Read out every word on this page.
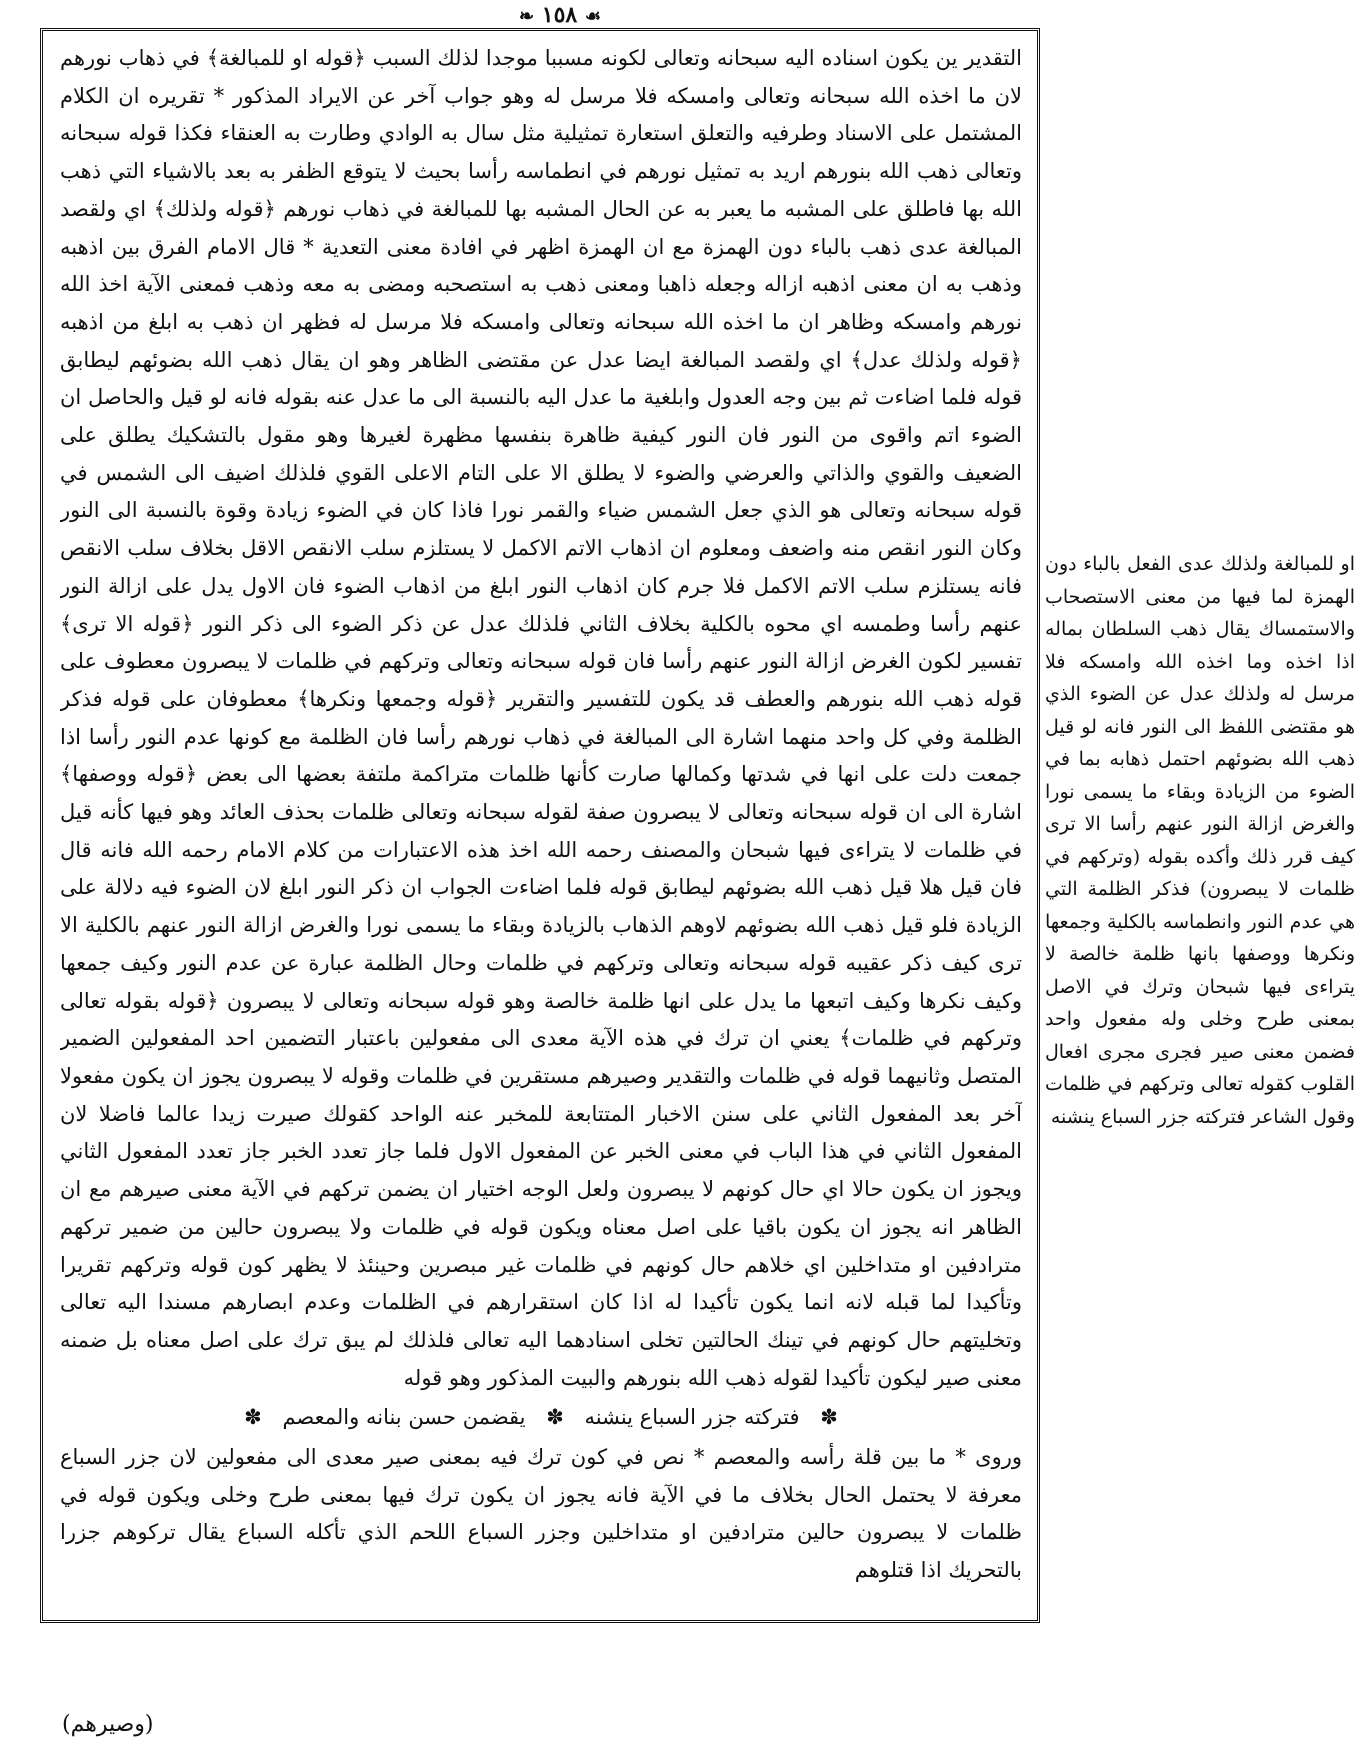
❧ ١٥٨ ☙

التقدير ين يكون اسناده اليه سبحانه وتعالى لكونه مسببا موجدا لذلك السبب ﴿قوله او للمبالغة﴾ في ذهاب نورهم لان ما اخذه الله سبحانه وتعالى وامسكه فلا مرسل له وهو جواب آخر عن الايراد المذكور * تقريره ان الكلام المشتمل على الاسناد وطرفيه والتعلق استعارة تمثيلية مثل سال به الوادي وطارت به العنقاء فكذا قوله سبحانه وتعالى ذهب الله بنورهم اريد به تمثيل نورهم في انطماسه رأسا بحيث لا يتوقع الظفر به بعد بالاشياء التي ذهب الله بها فاطلق على المشبه ما يعبر به عن الحال المشبه بها للمبالغة في ذهاب نورهم ﴿قوله ولذلك﴾ اي ولقصد المبالغة عدى ذهب بالباء دون الهمزة مع ان الهمزة اظهر في افادة معنى التعدية * قال الامام الفرق بين اذهبه وذهب به ان معنى اذهبه ازاله وجعله ذاهبا ومعنى ذهب به استصحبه ومضى به معه وذهب فمعنى الآية اخذ الله نورهم وامسكه وظاهر ان ما اخذه الله سبحانه وتعالى وامسكه فلا مرسل له فظهر ان ذهب به ابلغ من اذهبه ﴿قوله ولذلك عدل﴾ اي ولقصد المبالغة ايضا عدل عن مقتضى الظاهر وهو ان يقال ذهب الله بضوئهم ليطابق قوله فلما اضاءت ثم بين وجه العدول وابلغية ما عدل اليه بالنسبة الى ما عدل عنه بقوله فانه لو قيل والحاصل ان الضوء اتم واقوى من النور فان النور كيفية ظاهرة بنفسها مظهرة لغيرها وهو مقول بالتشكيك يطلق على الضعيف والقوي والذاتي والعرضي والضوء لا يطلق الا على التام الاعلى القوي فلذلك اضيف الى الشمس في قوله سبحانه وتعالى هو الذي جعل الشمس ضياء والقمر نورا فاذا كان في الضوء زيادة وقوة بالنسبة الى النور وكان النور انقص منه واضعف ومعلوم ان اذهاب الاتم الاكمل لا يستلزم سلب الانقص الاقل بخلاف سلب الانقص فانه يستلزم سلب الاتم الاكمل فلا جرم كان اذهاب النور ابلغ من اذهاب الضوء فان الاول يدل على ازالة النور عنهم رأسا وطمسه اي محوه بالكلية بخلاف الثاني فلذلك عدل عن ذكر الضوء الى ذكر النور ﴿قوله الا ترى﴾ تفسير لكون الغرض ازالة النور عنهم رأسا فان قوله سبحانه وتعالى وتركهم في ظلمات لا يبصرون معطوف على قوله ذهب الله بنورهم والعطف قد يكون للتفسير والتقرير ﴿قوله وجمعها ونكرها﴾ معطوفان على قوله فذكر الظلمة وفي كل واحد منهما اشارة الى المبالغة في ذهاب نورهم رأسا فان الظلمة مع كونها عدم النور رأسا اذا جمعت دلت على انها في شدتها وكمالها صارت كأنها ظلمات متراكمة ملتفة بعضها الى بعض ﴿قوله ووصفها﴾ اشارة الى ان قوله سبحانه وتعالى لا يبصرون صفة لقوله سبحانه وتعالى ظلمات بحذف العائد وهو فيها كأنه قيل في ظلمات لا يتراءى فيها شبحان والمصنف رحمه الله اخذ هذه الاعتبارات من كلام الامام رحمه الله فانه قال فان قيل هلا قيل ذهب الله بضوئهم ليطابق قوله فلما اضاءت الجواب ان ذكر النور ابلغ لان الضوء فيه دلالة على الزيادة فلو قيل ذهب الله بضوئهم لاوهم الذهاب بالزيادة وبقاء ما يسمى نورا والغرض ازالة النور عنهم بالكلية الا ترى كيف ذكر عقيبه قوله سبحانه وتعالى وتركهم في ظلمات وحال الظلمة عبارة عن عدم النور وكيف جمعها وكيف نكرها وكيف اتبعها ما يدل على انها ظلمة خالصة وهو قوله سبحانه وتعالى لا يبصرون ﴿قوله بقوله تعالى وتركهم في ظلمات﴾ يعني ان ترك في هذه الآية معدى الى مفعولين باعتبار التضمين احد المفعولين الضمير المتصل وثانيهما قوله في ظلمات والتقدير وصيرهم مستقرين في ظلمات وقوله لا يبصرون يجوز ان يكون مفعولا آخر بعد المفعول الثاني على سنن الاخبار المتتابعة للمخبر عنه الواحد كقولك صيرت زيدا عالما فاضلا لان المفعول الثاني في هذا الباب في معنى الخبر عن المفعول الاول فلما جاز تعدد الخبر جاز تعدد المفعول الثاني ويجوز ان يكون حالا اي حال كونهم لا يبصرون ولعل الوجه اختيار ان يضمن تركهم في الآية معنى صيرهم مع ان الظاهر انه يجوز ان يكون باقيا على اصل معناه ويكون قوله في ظلمات ولا يبصرون حالين من ضمير تركهم مترادفين او متداخلين اي خلاهم حال كونهم في ظلمات غير مبصرين وحينئذ لا يظهر كون قوله وتركهم تقريرا وتأكيدا لما قبله لانه انما يكون تأكيدا له اذا كان استقرارهم في الظلمات وعدم ابصارهم مسندا اليه تعالى وتخليتهم حال كونهم في تينك الحالتين تخلى اسنادهما اليه تعالى فلذلك لم يبق ترك على اصل معناه بل ضمنه معنى صير ليكون تأكيدا لقوله ذهب الله بنورهم والبيت المذكور وهو قوله

✽ فتركته جزر السباع ينشنه ✽ يقضمن حسن بنانه والمعصم ✽

وروى * ما بين قلة رأسه والمعصم * نص في كون ترك فيه بمعنى صير معدى الى مفعولين لان جزر السباع معرفة لا يحتمل الحال بخلاف ما في الآية فانه يجوز ان يكون ترك فيها بمعنى طرح وخلى ويكون قوله في ظلمات لا يبصرون حالين مترادفين او متداخلين وجزر السباع اللحم الذي تأكله السباع يقال تركوهم جزرا بالتحريك اذا قتلوهم

او للمبالغة ولذلك عدى الفعل بالباء دون الهمزة لما فيها من معنى الاستصحاب والاستمساك يقال ذهب السلطان بماله اذا اخذه وما اخذه الله وامسكه فلا مرسل له ولذلك عدل عن الضوء الذي هو مقتضى اللفظ الى النور فانه لو قيل ذهب الله بضوئهم احتمل ذهابه بما في الضوء من الزيادة وبقاء ما يسمى نورا والغرض ازالة النور عنهم رأسا الا ترى كيف قرر ذلك وأكده بقوله (وتركهم في ظلمات لا يبصرون) فذكر الظلمة التي هي عدم النور وانطماسه بالكلية وجمعها ونكرها ووصفها بانها ظلمة خالصة لا يتراءى فيها شبحان وترك في الاصل بمعنى طرح وخلى وله مفعول واحد فضمن معنى صير فجرى مجرى افعال القلوب كقوله تعالى وتركهم في ظلمات وقول الشاعر فتركته جزر السباع ينشنه
(وصيرهم)
